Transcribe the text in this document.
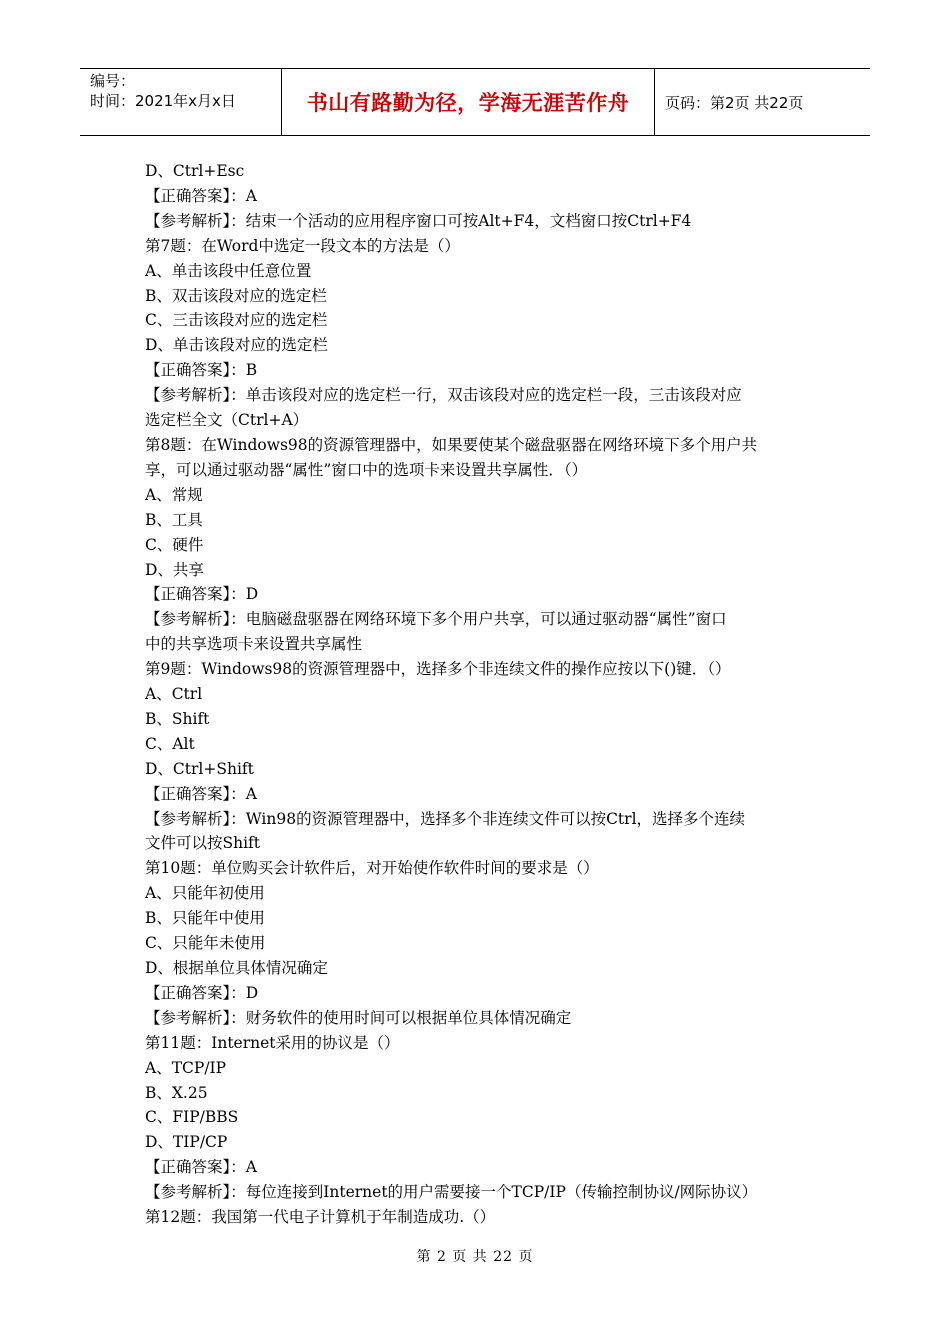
编号：
时间：2021年x月x日	书山有路勤为径，学海无涯苦作舟	页码：第2页 共22页

D、Ctrl+Esc

【正确答案】：A

【参考解析】：结束一个活动的应用程序窗口可按Alt+F4，文档窗口按Ctrl+F4

第7题：在Word中选定一段文本的方法是（）

A、单击该段中任意位置

B、双击该段对应的选定栏

C、三击该段对应的选定栏

D、单击该段对应的选定栏

【正确答案】：B

【参考解析】：单击该段对应的选定栏一行，双击该段对应的选定栏一段，三击该段对应

选定栏全文（Ctrl+A）

第8题：在Windows98的资源管理器中，如果要使某个磁盘驱器在网络环境下多个用户共

享，可以通过驱动器“属性”窗口中的选项卡来设置共享属性．（）

A、常规

B、工具

C、硬件

D、共享

【正确答案】：D

【参考解析】：电脑磁盘驱器在网络环境下多个用户共享，可以通过驱动器“属性”窗口

中的共享选项卡来设置共享属性

第9题：Windows98的资源管理器中，选择多个非连续文件的操作应按以下()键．（）

A、Ctrl

B、Shift

C、Alt

D、Ctrl+Shift

【正确答案】：A

【参考解析】：Win98的资源管理器中，选择多个非连续文件可以按Ctrl，选择多个连续

文件可以按Shift

第10题：单位购买会计软件后，对开始使作软件时间的要求是（）

A、只能年初使用

B、只能年中使用

C、只能年未使用

D、根据单位具体情况确定

【正确答案】：D

【参考解析】：财务软件的使用时间可以根据单位具体情况确定

第11题：Internet采用的协议是（）

A、TCP/IP

B、X.25

C、FIP/BBS

D、TIP/CP

【正确答案】：A

【参考解析】：每位连接到Internet的用户需要接一个TCP/IP（传输控制协议/网际协议）

第12题：我国第一代电子计算机于年制造成功.（）

第 2 页 共 22 页
